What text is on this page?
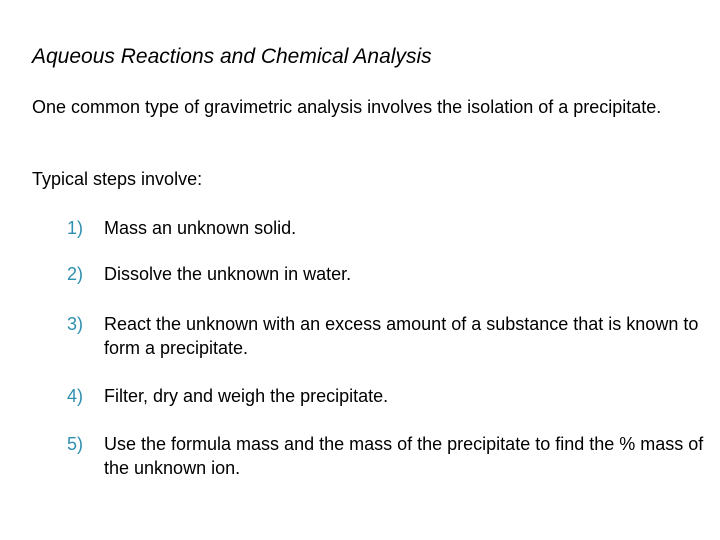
Aqueous Reactions and Chemical Analysis
One common type of gravimetric analysis involves the isolation of a precipitate.
Typical steps involve:
1)	Mass an unknown solid.
2)	Dissolve the unknown in water.
3)	React the unknown with an excess amount of a substance that is known to form a precipitate.
4)	Filter, dry and weigh the precipitate.
5)	Use the formula mass and the mass of the precipitate to find the % mass of the unknown ion.
